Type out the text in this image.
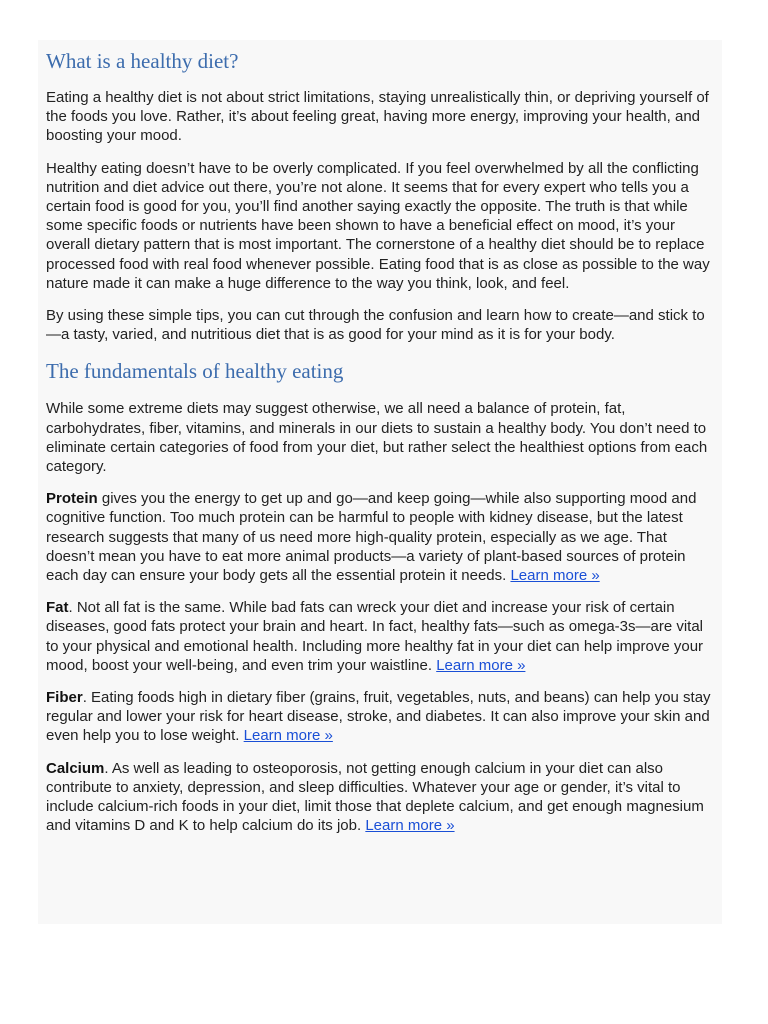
What is a healthy diet?

Eating a healthy diet is not about strict limitations, staying unrealistically thin, or depriving yourself of the foods you love. Rather, it’s about feeling great, having more energy, improving your health, and boosting your mood.

Healthy eating doesn’t have to be overly complicated. If you feel overwhelmed by all the conflicting nutrition and diet advice out there, you’re not alone. It seems that for every expert who tells you a certain food is good for you, you’ll find another saying exactly the opposite. The truth is that while some specific foods or nutrients have been shown to have a beneficial effect on mood, it’s your overall dietary pattern that is most important. The cornerstone of a healthy diet should be to replace processed food with real food whenever possible. Eating food that is as close as possible to the way nature made it can make a huge difference to the way you think, look, and feel.

By using these simple tips, you can cut through the confusion and learn how to create—and stick to—a tasty, varied, and nutritious diet that is as good for your mind as it is for your body.

The fundamentals of healthy eating

While some extreme diets may suggest otherwise, we all need a balance of protein, fat, carbohydrates, fiber, vitamins, and minerals in our diets to sustain a healthy body. You don’t need to eliminate certain categories of food from your diet, but rather select the healthiest options from each category.

Protein gives you the energy to get up and go—and keep going—while also supporting mood and cognitive function. Too much protein can be harmful to people with kidney disease, but the latest research suggests that many of us need more high-quality protein, especially as we age. That doesn’t mean you have to eat more animal products—a variety of plant-based sources of protein each day can ensure your body gets all the essential protein it needs. Learn more »

Fat. Not all fat is the same. While bad fats can wreck your diet and increase your risk of certain diseases, good fats protect your brain and heart. In fact, healthy fats—such as omega-3s—are vital to your physical and emotional health. Including more healthy fat in your diet can help improve your mood, boost your well-being, and even trim your waistline. Learn more »

Fiber. Eating foods high in dietary fiber (grains, fruit, vegetables, nuts, and beans) can help you stay regular and lower your risk for heart disease, stroke, and diabetes. It can also improve your skin and even help you to lose weight. Learn more »

Calcium. As well as leading to osteoporosis, not getting enough calcium in your diet can also contribute to anxiety, depression, and sleep difficulties. Whatever your age or gender, it’s vital to include calcium-rich foods in your diet, limit those that deplete calcium, and get enough magnesium and vitamins D and K to help calcium do its job. Learn more »
